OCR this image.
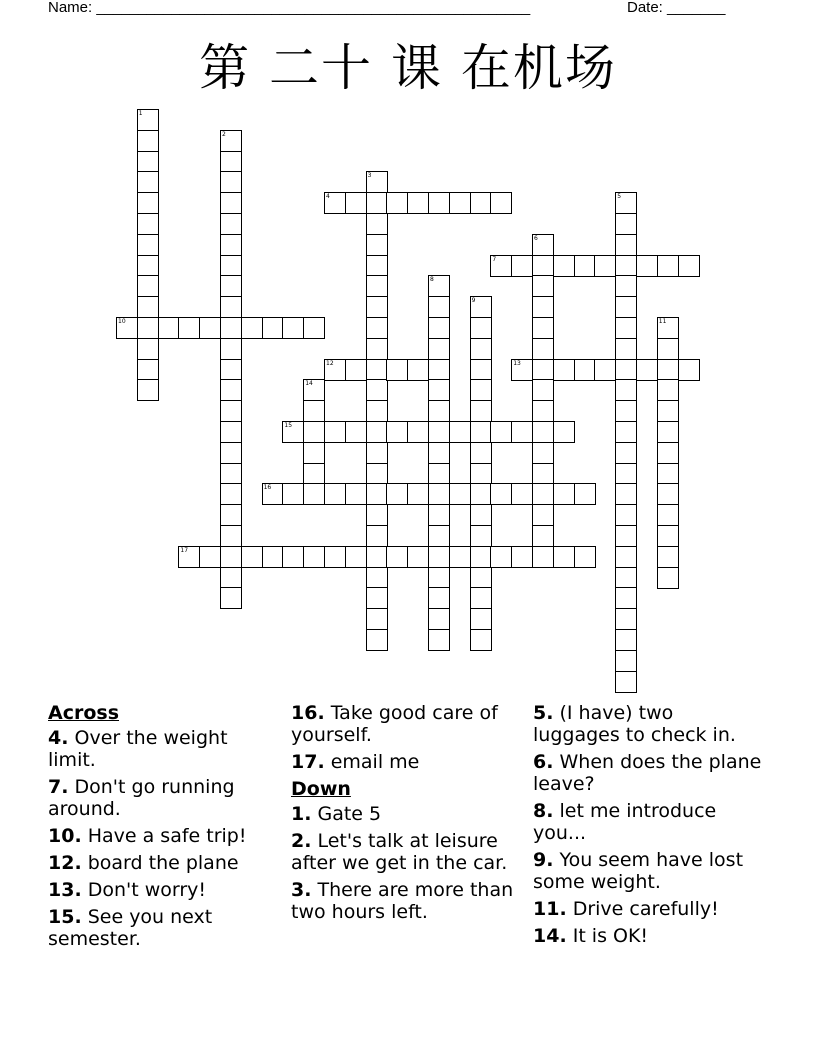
Name: ____________________________________________________	Date: _______
第 二十 课 在机场
1
2
3
4	5
6
7
8
9
10	11
12	13
14
15
16
17
Across
4. Over the weight limit.
7. Don't go running around.
10. Have a safe trip!
12. board the plane
13. Don't worry!
15. See you next semester.
16. Take good care of yourself.
17. email me
Down
1. Gate 5
2. Let's talk at leisure after we get in the car.
3. There are more than two hours left.
5. (I have) two luggages to check in.
6. When does the plane leave?
8. let me introduce you...
9. You seem have lost some weight.
11. Drive carefully!
14. It is OK!
